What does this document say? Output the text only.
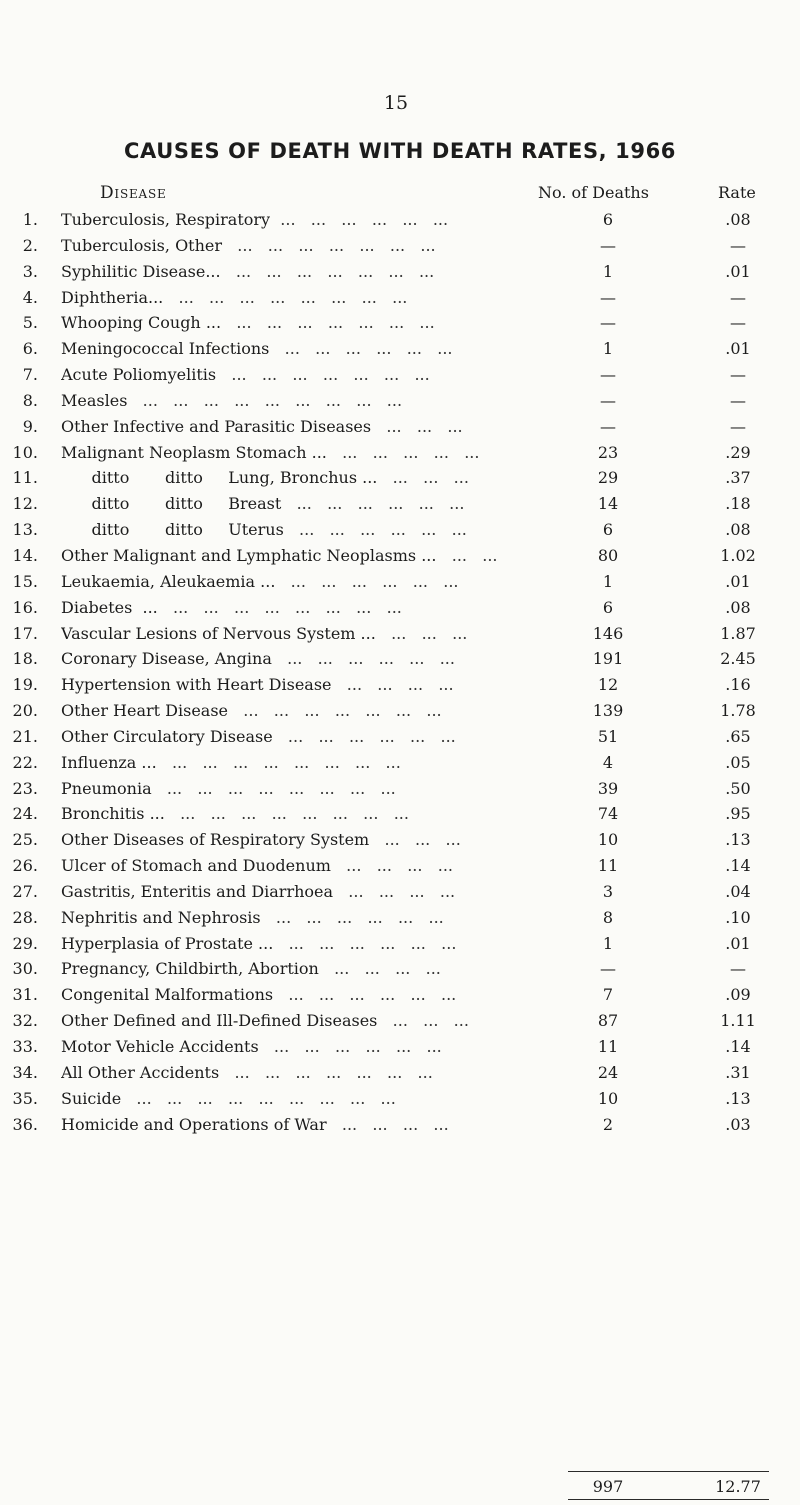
15
CAUSES OF DEATH WITH DEATH RATES, 1966
Disease	No. of Deaths	Rate
1. Tuberculosis, Respiratory  ...   ...   ...   ...   ...   ...	6	.08
2. Tuberculosis, Other   ...   ...   ...   ...   ...   ...   ...	—	—
3. Syphilitic Disease...   ...   ...   ...   ...   ...   ...   ...	1	.01
4. Diphtheria...   ...   ...   ...   ...   ...   ...   ...   ...	—	—
5. Whooping Cough ...   ...   ...   ...   ...   ...   ...   ...	—	—
6. Meningococcal Infections   ...   ...   ...   ...   ...   ...	1	.01
7. Acute Poliomyelitis   ...   ...   ...   ...   ...   ...   ...	—	—
8. Measles   ...   ...   ...   ...   ...   ...   ...   ...   ...	—	—
9. Other Infective and Parasitic Diseases   ...   ...   ...	—	—
10. Malignant Neoplasm Stomach ...   ...   ...   ...   ...   ...	23	.29
11. ditto       ditto     Lung, Bronchus ...   ...   ...   ...	29	.37
12. ditto       ditto     Breast   ...   ...   ...   ...   ...   ...	14	.18
13. ditto       ditto     Uterus   ...   ...   ...   ...   ...   ...	6	.08
14. Other Malignant and Lymphatic Neoplasms ...   ...   ...	80	1.02
15. Leukaemia, Aleukaemia ...   ...   ...   ...   ...   ...   ...	1	.01
16. Diabetes  ...   ...   ...   ...   ...   ...   ...   ...   ...	6	.08
17. Vascular Lesions of Nervous System ...   ...   ...   ...	146	1.87
18. Coronary Disease, Angina   ...   ...   ...   ...   ...   ...	191	2.45
19. Hypertension with Heart Disease   ...   ...   ...   ...	12	.16
20. Other Heart Disease   ...   ...   ...   ...   ...   ...   ...	139	1.78
21. Other Circulatory Disease   ...   ...   ...   ...   ...   ...	51	.65
22. Influenza ...   ...   ...   ...   ...   ...   ...   ...   ...	4	.05
23. Pneumonia   ...   ...   ...   ...   ...   ...   ...   ...	39	.50
24. Bronchitis ...   ...   ...   ...   ...   ...   ...   ...   ...	74	.95
25. Other Diseases of Respiratory System   ...   ...   ...	10	.13
26. Ulcer of Stomach and Duodenum   ...   ...   ...   ...	11	.14
27. Gastritis, Enteritis and Diarrhoea   ...   ...   ...   ...	3	.04
28. Nephritis and Nephrosis   ...   ...   ...   ...   ...   ...	8	.10
29. Hyperplasia of Prostate ...   ...   ...   ...   ...   ...   ...	1	.01
30. Pregnancy, Childbirth, Abortion   ...   ...   ...   ...	—	—
31. Congenital Malformations   ...   ...   ...   ...   ...   ...	7	.09
32. Other Defined and Ill-Defined Diseases   ...   ...   ...	87	1.11
33. Motor Vehicle Accidents   ...   ...   ...   ...   ...   ...	11	.14
34. All Other Accidents   ...   ...   ...   ...   ...   ...   ...	24	.31
35. Suicide   ...   ...   ...   ...   ...   ...   ...   ...   ...	10	.13
36. Homicide and Operations of War   ...   ...   ...   ...	2	.03
997	12.77
